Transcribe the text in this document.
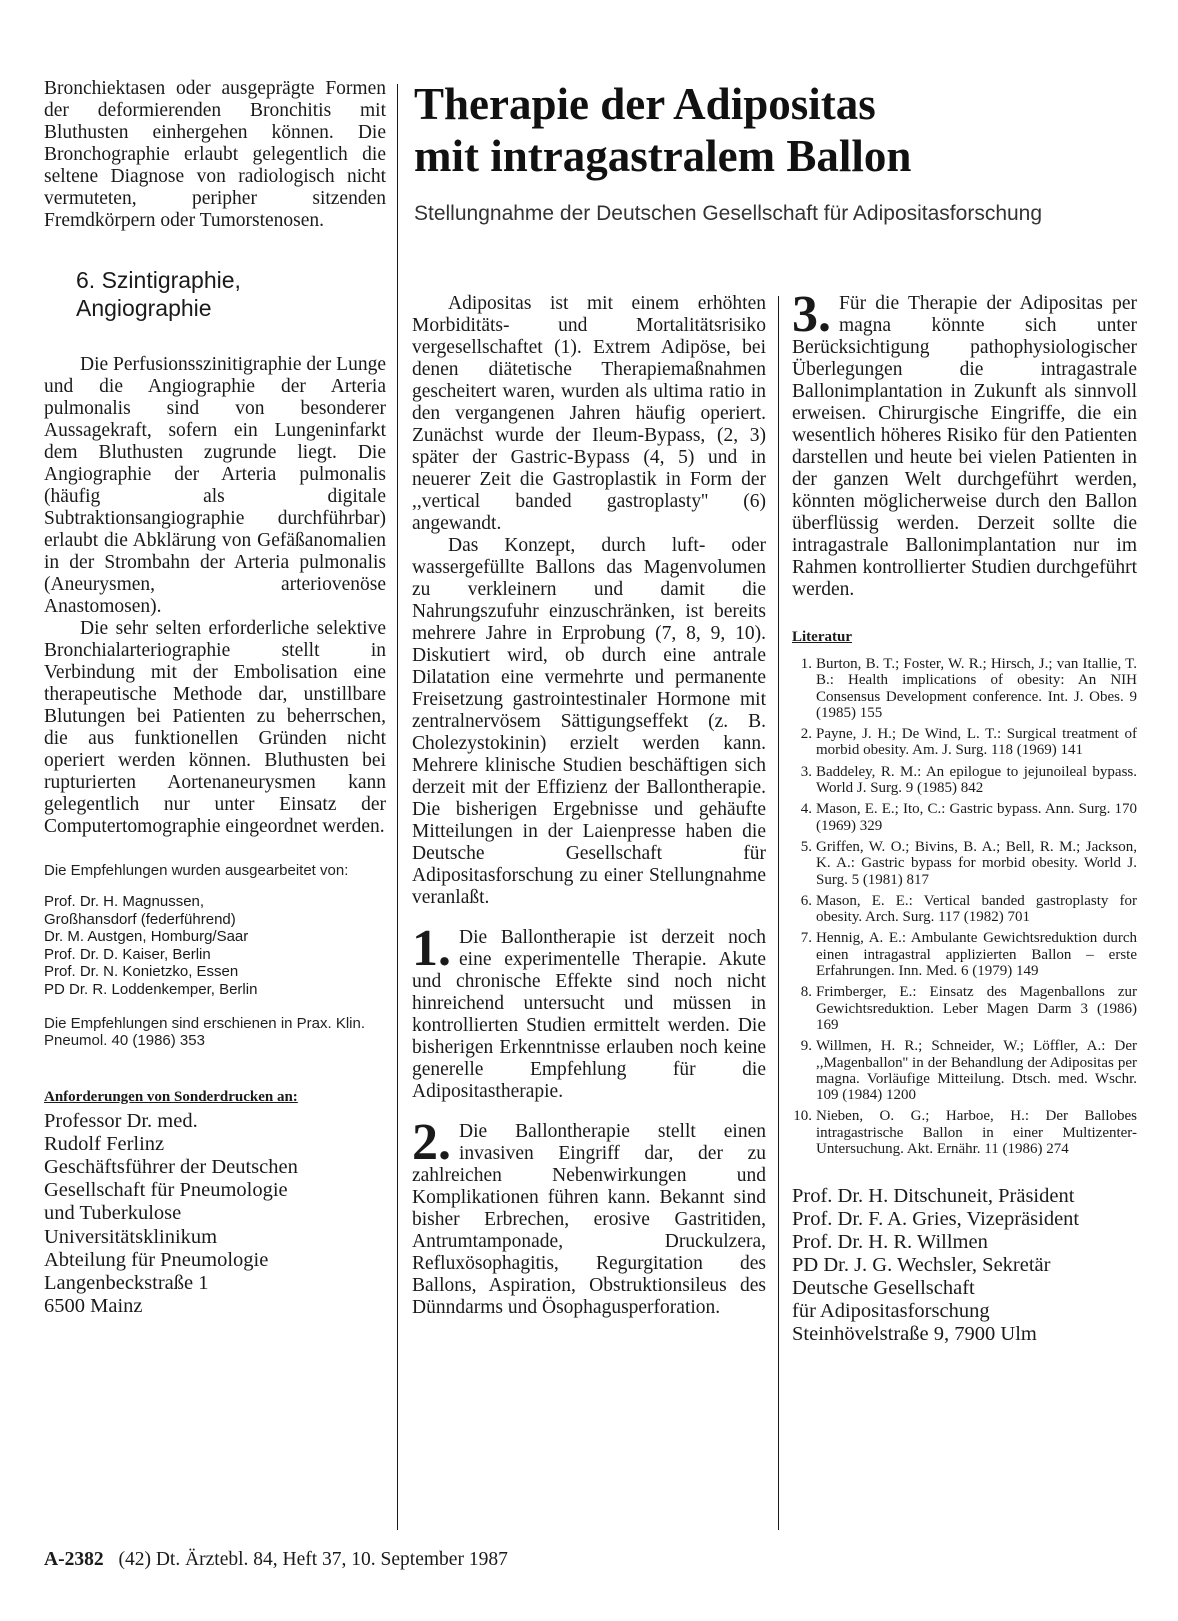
Bronchiektasen oder ausgeprägte Formen der deformierenden Bronchitis mit Bluthusten einhergehen können. Die Bronchographie erlaubt gelegentlich die seltene Diagnose von radiologisch nicht vermuteten, peripher sitzenden Fremdkörpern oder Tumorstenosen.

6. Szintigraphie,
Angiographie

Die Perfusionsszinitigraphie der Lunge und die Angiographie der Arteria pulmonalis sind von besonderer Aussagekraft, sofern ein Lungeninfarkt dem Bluthusten zugrunde liegt. Die Angiographie der Arteria pulmonalis (häufig als digitale Subtraktionsangiographie durchführbar) erlaubt die Abklärung von Gefäßanomalien in der Strombahn der Arteria pulmonalis (Aneurysmen, arteriovenöse Anastomosen).

Die sehr selten erforderliche selektive Bronchialarteriographie stellt in Verbindung mit der Embolisation eine therapeutische Methode dar, unstillbare Blutungen bei Patienten zu beherrschen, die aus funktionellen Gründen nicht operiert werden können. Bluthusten bei rupturierten Aortenaneurysmen kann gelegentlich nur unter Einsatz der Computertomographie eingeordnet werden.

Die Empfehlungen wurden ausgearbeitet von:

Prof. Dr. H. Magnussen,
Großhansdorf (federführend)
Dr. M. Austgen, Homburg/Saar
Prof. Dr. D. Kaiser, Berlin
Prof. Dr. N. Konietzko, Essen
PD Dr. R. Loddenkemper, Berlin

Die Empfehlungen sind erschienen in Prax. Klin. Pneumol. 40 (1986) 353

Anforderungen von Sonderdrucken an:
Professor Dr. med.
Rudolf Ferlinz
Geschäftsführer der Deutschen
Gesellschaft für Pneumologie
und Tuberkulose
Universitätsklinikum
Abteilung für Pneumologie
Langenbeckstraße 1
6500 Mainz
Therapie der Adipositas
mit intragastralem Ballon
Stellungnahme der Deutschen Gesellschaft für Adipositasforschung

Adipositas ist mit einem erhöhten Morbiditäts- und Mortalitätsrisiko vergesellschaftet (1). Extrem Adipöse, bei denen diätetische Therapiemaßnahmen gescheitert waren, wurden als ultima ratio in den vergangenen Jahren häufig operiert. Zunächst wurde der Ileum-Bypass, (2, 3) später der Gastric-Bypass (4, 5) und in neuerer Zeit die Gastroplastik in Form der ,,vertical banded gastroplasty'' (6) angewandt.

Das Konzept, durch luft- oder wassergefüllte Ballons das Magenvolumen zu verkleinern und damit die Nahrungszufuhr einzuschränken, ist bereits mehrere Jahre in Erprobung (7, 8, 9, 10). Diskutiert wird, ob durch eine antrale Dilatation eine vermehrte und permanente Freisetzung gastrointestinaler Hormone mit zentralnervösem Sättigungseffekt (z. B. Cholezystokinin) erzielt werden kann. Mehrere klinische Studien beschäftigen sich derzeit mit der Effizienz der Ballontherapie. Die bisherigen Ergebnisse und gehäufte Mitteilungen in der Laienpresse haben die Deutsche Gesellschaft für Adipositasforschung zu einer Stellungnahme veranlaßt.

1. Die Ballontherapie ist derzeit noch eine experimentelle Therapie. Akute und chronische Effekte sind noch nicht hinreichend untersucht und müssen in kontrollierten Studien ermittelt werden. Die bisherigen Erkenntnisse erlauben noch keine generelle Empfehlung für die Adipositastherapie.

2. Die Ballontherapie stellt einen invasiven Eingriff dar, der zu zahlreichen Nebenwirkungen und Komplikationen führen kann. Bekannt sind bisher Erbrechen, erosive Gastritiden, Antrumtamponade, Druckulzera, Refluxösophagitis, Regurgitation des Ballons, Aspiration, Obstruktionsileus des Dünndarms und Ösophagusperforation.

3. Für die Therapie der Adipositas per magna könnte sich unter Berücksichtigung pathophysiologischer Überlegungen die intragastrale Ballonimplantation in Zukunft als sinnvoll erweisen. Chirurgische Eingriffe, die ein wesentlich höheres Risiko für den Patienten darstellen und heute bei vielen Patienten in der ganzen Welt durchgeführt werden, könnten möglicherweise durch den Ballon überflüssig werden. Derzeit sollte die intragastrale Ballonimplantation nur im Rahmen kontrollierter Studien durchgeführt werden.

Literatur
1. Burton, B. T.; Foster, W. R.; Hirsch, J.; van Itallie, T. B.: Health implications of obesity: An NIH Consensus Development conference. Int. J. Obes. 9 (1985) 155
2. Payne, J. H.; De Wind, L. T.: Surgical treatment of morbid obesity. Am. J. Surg. 118 (1969) 141
3. Baddeley, R. M.: An epilogue to jejunoileal bypass. World J. Surg. 9 (1985) 842
4. Mason, E. E.; Ito, C.: Gastric bypass. Ann. Surg. 170 (1969) 329
5. Griffen, W. O.; Bivins, B. A.; Bell, R. M.; Jackson, K. A.: Gastric bypass for morbid obesity. World J. Surg. 5 (1981) 817
6. Mason, E. E.: Vertical banded gastroplasty for obesity. Arch. Surg. 117 (1982) 701
7. Hennig, A. E.: Ambulante Gewichtsreduktion durch einen intragastral applizierten Ballon – erste Erfahrungen. Inn. Med. 6 (1979) 149
8. Frimberger, E.: Einsatz des Magenballons zur Gewichtsreduktion. Leber Magen Darm 3 (1986) 169
9. Willmen, H. R.; Schneider, W.; Löffler, A.: Der ,,Magenballon'' in der Behandlung der Adipositas per magna. Vorläufige Mitteilung. Dtsch. med. Wschr. 109 (1984) 1200
10. Nieben, O. G.; Harboe, H.: Der Ballobes intragastrische Ballon in einer Multizenter-Untersuchung. Akt. Ernähr. 11 (1986) 274
Prof. Dr. H. Ditschuneit, Präsident
Prof. Dr. F. A. Gries, Vizepräsident
Prof. Dr. H. R. Willmen
PD Dr. J. G. Wechsler, Sekretär
Deutsche Gesellschaft
für Adipositasforschung
Steinhövelstraße 9, 7900 Ulm
A-2382 (42) Dt. Ärztebl. 84, Heft 37, 10. September 1987
